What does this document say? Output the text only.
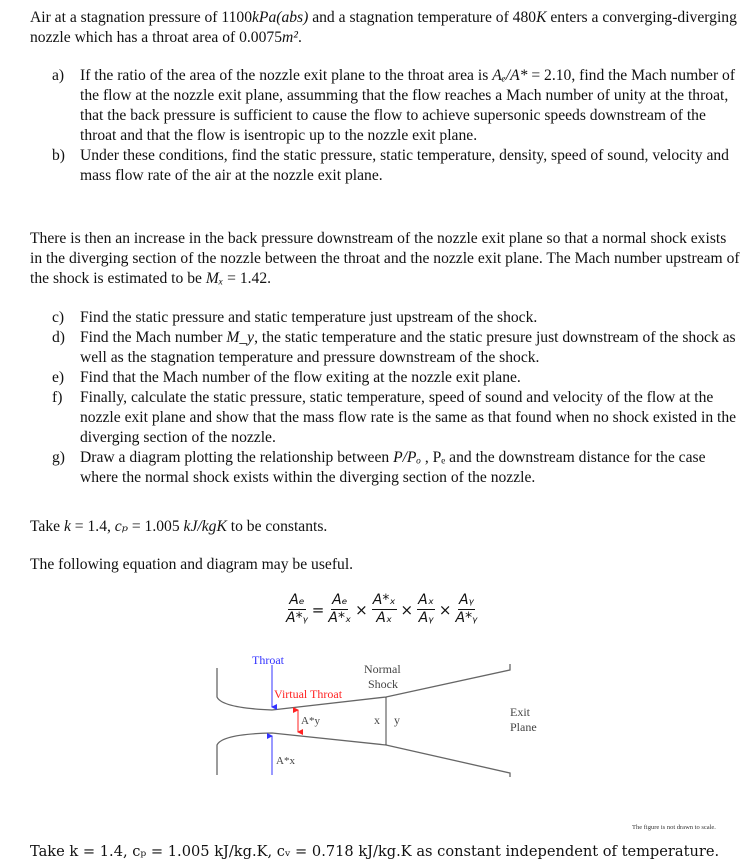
Air at a stagnation pressure of 1100kPa(abs) and a stagnation temperature of 480K enters a converging-diverging nozzle which has a throat area of 0.0075m².
a) If the ratio of the area of the nozzle exit plane to the throat area is Aₑ/A* = 2.10, find the Mach number of the flow at the nozzle exit plane, assumming that the flow reaches a Mach number of unity at the throat, that the back pressure is sufficient to cause the flow to achieve supersonic speeds downstream of the throat and that the flow is isentropic up to the nozzle exit plane.
b) Under these conditions, find the static pressure, static temperature, density, speed of sound, velocity and mass flow rate of the air at the nozzle exit plane.
There is then an increase in the back pressure downstream of the nozzle exit plane so that a normal shock exists in the diverging section of the nozzle between the throat and the nozzle exit plane. The Mach number upstream of the shock is estimated to be Mₓ = 1.42.
c) Find the static pressure and static temperature just upstream of the shock.
d) Find the Mach number M_y, the static temperature and the static presure just downstream of the shock as well as the stagnation temperature and pressure downstream of the shock.
e) Find that the Mach number of the flow exiting at the nozzle exit plane.
f) Finally, calculate the static pressure, static temperature, speed of sound and velocity of the flow at the nozzle exit plane and show that the mass flow rate is the same as that found when no shock existed in the diverging section of the nozzle.
g) Draw a diagram plotting the relationship between P/Pₒ , Pₑ and the downstream distance for the case where the normal shock exists within the diverging section of the nozzle.
Take k = 1.4, cₚ = 1.005 kJ/kgK to be constants.
The following equation and diagram may be useful.
$\frac{\text{Aₑ}}{\text{A*ᵧ}} = \frac{\text{Aₑ}}{\text{A*ₓ}} \times \frac{\text{A*ₓ}}{\text{Aₓ}} \times \frac{\text{Aₓ}}{\text{Aᵧ}} \times \frac{\text{Aᵧ}}{\text{A*ᵧ}}$
Throat
Virtual Throat
Normal
Shock
A*y
A*x
x y
Exit
Plane
The figure is not drawn to scale.
Take k = 1.4, cₚ = 1.005 kJ/kg.K, cᵥ = 0.718 kJ/kg.K as constant independent of temperature.
